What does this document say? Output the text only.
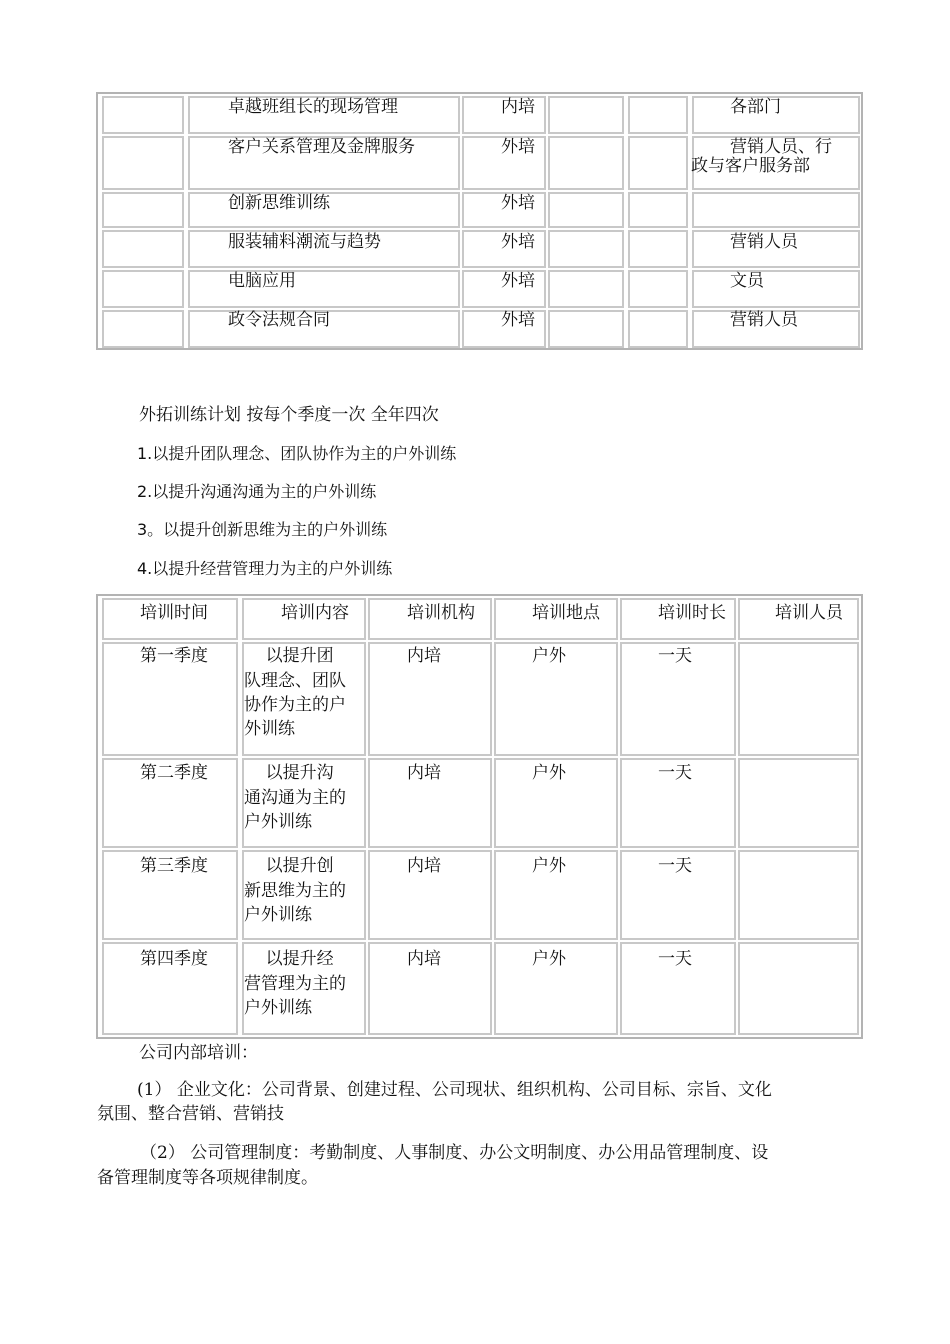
卓越班组长的现场管理	内培	各部门
客户关系管理及金牌服务	外培	营销人员、行
政与客户服务部
创新思维训练	外培
服装辅料潮流与趋势	外培	营销人员
电脑应用	外培	文员
政令法规合同	外培	营销人员
外拓训练计划 按每个季度一次 全年四次
1.以提升团队理念、团队协作为主的户外训练
2.以提升沟通沟通为主的户外训练
3。以提升创新思维为主的户外训练
4.以提升经营管理力为主的户外训练
培训时间	培训内容	培训机构	培训地点	培训时长	培训人员
第一季度 以提升团
队理念、团队
协作为主的户
外训练
内培	户外	一天
第二季度 以提升沟
通沟通为主的
户外训练
内培	户外	一天
第三季度 以提升创
新思维为主的
户外训练
内培	户外	一天
第四季度 以提升经
营管理为主的
户外训练
内培	户外	一天
公司内部培训：
(1） 企业文化：公司背景、创建过程、公司现状、组织机构、公司目标、宗旨、文化
氛围、整合营销、营销技
（2） 公司管理制度：考勤制度、人事制度、办公文明制度、办公用品管理制度、设
备管理制度等各项规律制度。
